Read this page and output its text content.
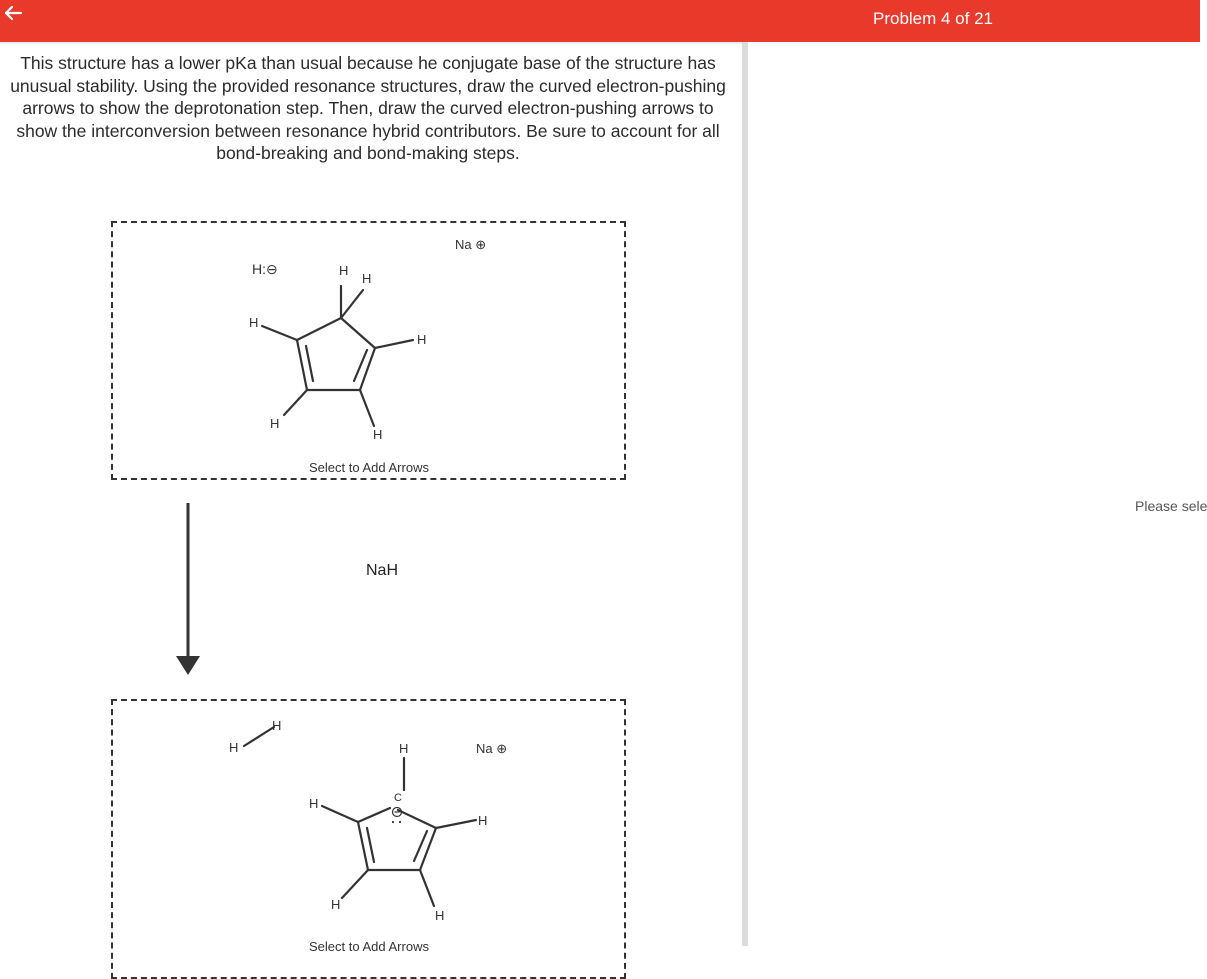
Problem 4 of 21

This structure has a lower pKa than usual because he conjugate base of the structure has unusual stability. Using the provided resonance structures, draw the curved electron-pushing arrows to show the deprotonation step. Then, draw the curved electron-pushing arrows to show the interconversion between resonance hybrid contributors. Be sure to account for all bond-breaking and bond-making steps.

H:⊖	H
H
H
H
H
H
Na ⊕
Select to Add Arrows
NaH
H
H
H
C
H
H
H
H
Na ⊕
Select to Add Arrows
Please sele
